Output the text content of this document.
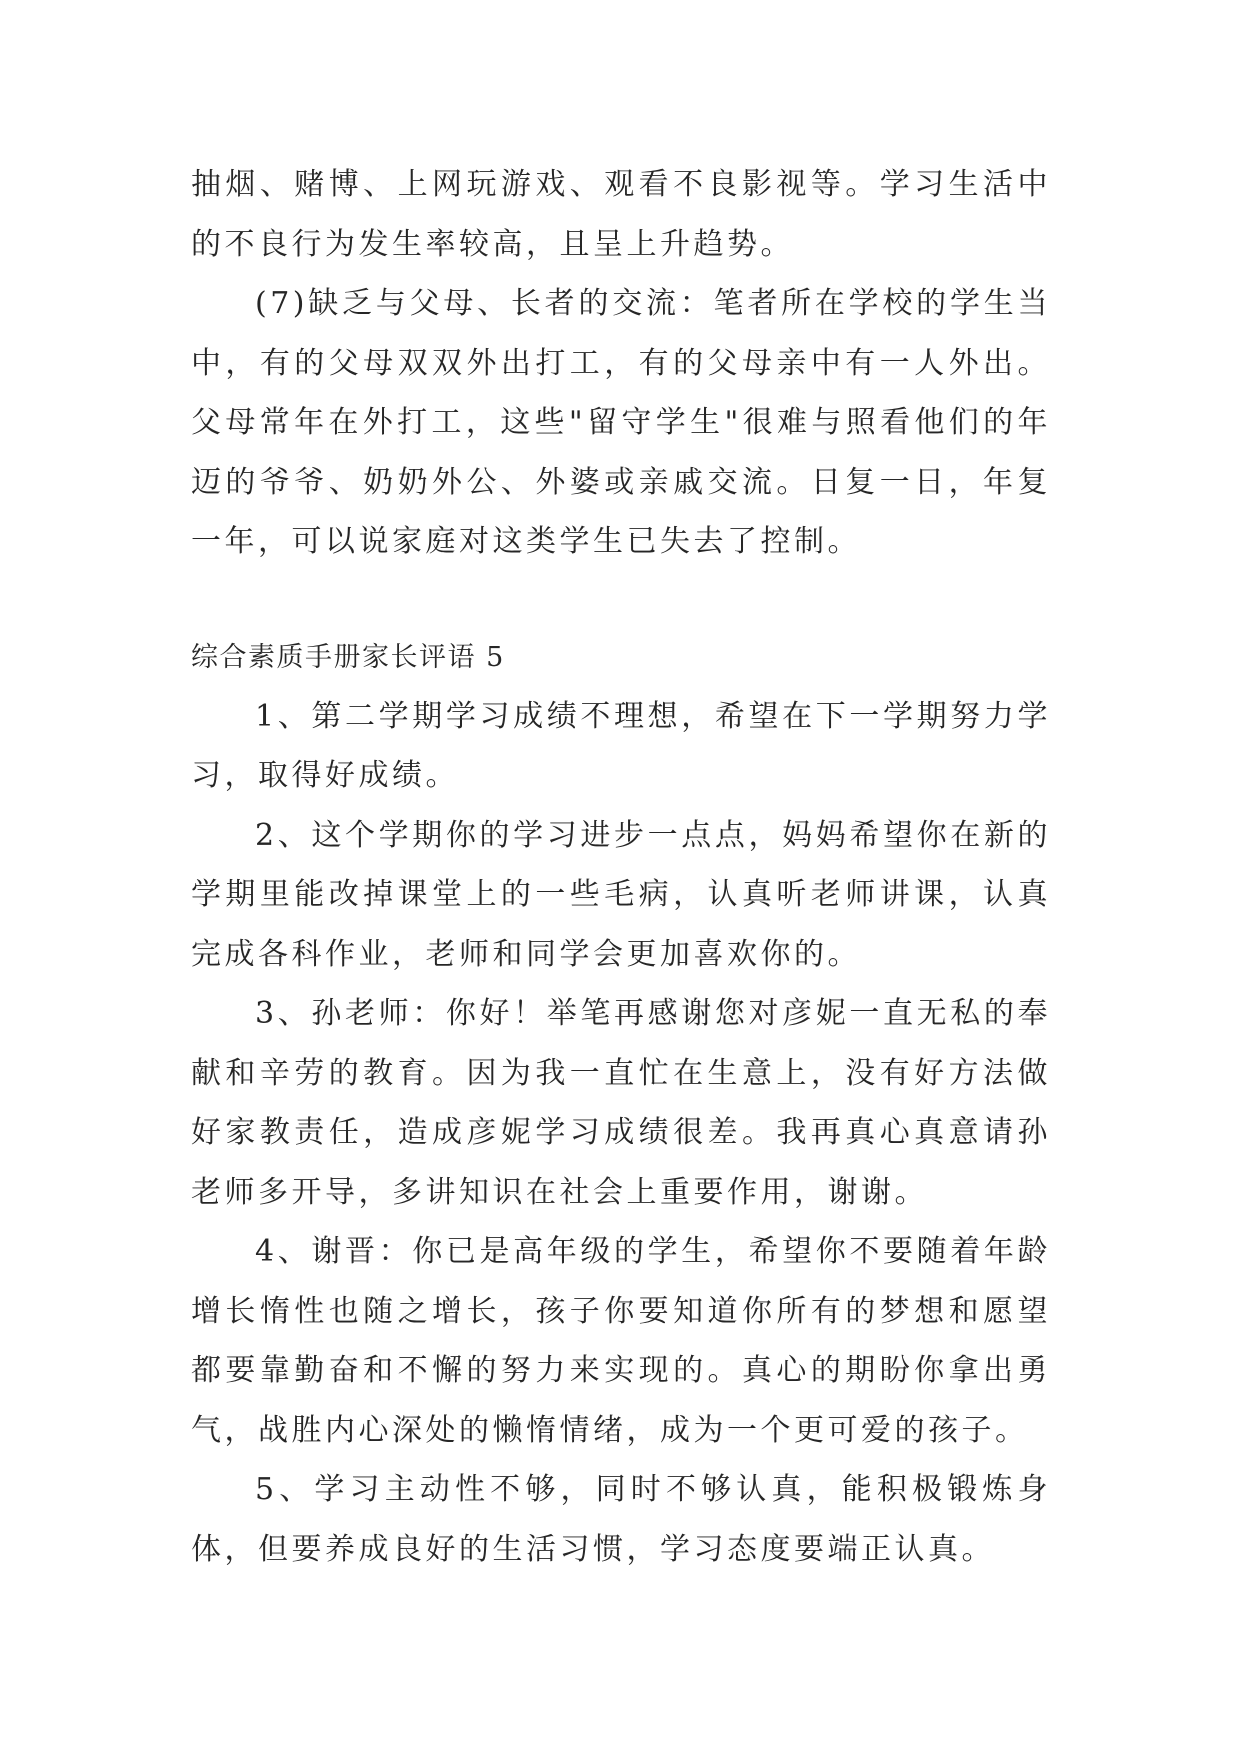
抽烟、赌博、上网玩游戏、观看不良影视等。学习生活中的不良行为发生率较高，且呈上升趋势。

(7)缺乏与父母、长者的交流：笔者所在学校的学生当中，有的父母双双外出打工，有的父母亲中有一人外出。父母常年在外打工，这些"留守学生"很难与照看他们的年迈的爷爷、奶奶外公、外婆或亲戚交流。日复一日，年复一年，可以说家庭对这类学生已失去了控制。

综合素质手册家长评语 5

1、第二学期学习成绩不理想，希望在下一学期努力学习，取得好成绩。

2、这个学期你的学习进步一点点，妈妈希望你在新的学期里能改掉课堂上的一些毛病，认真听老师讲课，认真完成各科作业，老师和同学会更加喜欢你的。

3、孙老师：你好！举笔再感谢您对彦妮一直无私的奉献和辛劳的教育。因为我一直忙在生意上，没有好方法做好家教责任，造成彦妮学习成绩很差。我再真心真意请孙老师多开导，多讲知识在社会上重要作用，谢谢。

4、谢晋：你已是高年级的学生，希望你不要随着年龄增长惰性也随之增长，孩子你要知道你所有的梦想和愿望都要靠勤奋和不懈的努力来实现的。真心的期盼你拿出勇气，战胜内心深处的懒惰情绪，成为一个更可爱的孩子。

5、学习主动性不够，同时不够认真，能积极锻炼身体，但要养成良好的生活习惯，学习态度要端正认真。
